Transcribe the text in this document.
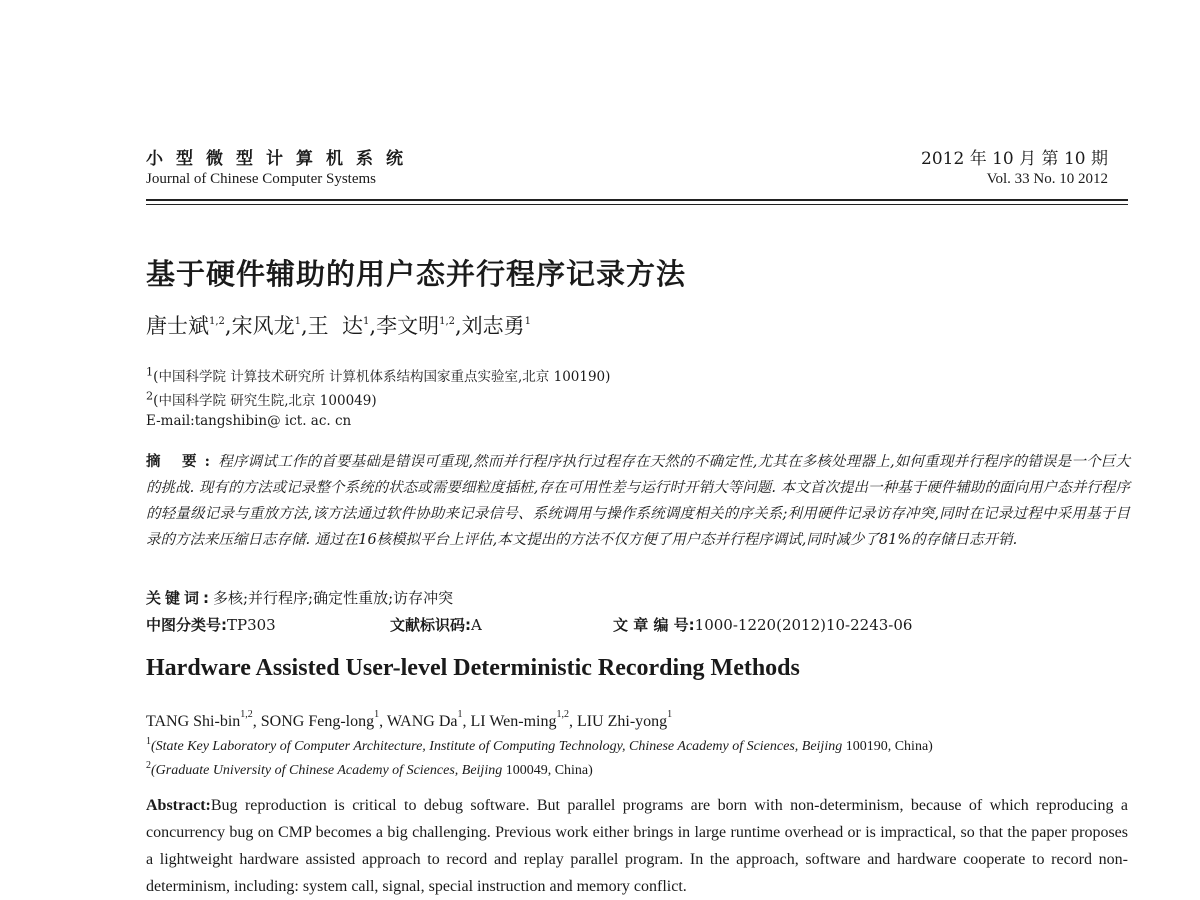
小型微型计算机系统
Journal of Chinese Computer Systems
2012 年 10 月 第 10 期
Vol. 33 No. 10 2012
基于硬件辅助的用户态并行程序记录方法
唐士斌$^{1,2}$,宋风龙$^1$,王  达$^1$,李文明$^{1,2}$,刘志勇$^1$
$^1$(中国科学院 计算技术研究所 计算机体系结构国家重点实验室,北京 100190)
$^2$(中国科学院 研究生院,北京 100049)
E-mail:tangshibin@ ict. ac. cn
摘 要:程序调试工作的首要基础是错误可重现,然而并行程序执行过程存在天然的不确定性,尤其在多核处理器上,如何重现并行程序的错误是一个巨大的挑战. 现有的方法或记录整个系统的状态或需要细粒度插桩,存在可用性差与运行时开销大等问题. 本文首次提出一种基于硬件辅助的面向用户态并行程序的轻量级记录与重放方法,该方法通过软件协助来记录信号、系统调用与操作系统调度相关的序关系;利用硬件记录访存冲突,同时在记录过程中采用基于目录的方法来压缩日志存储. 通过在16核模拟平台上评估,本文提出的方法不仅方便了用户态并行程序调试,同时减少了81%的存储日志开销.
关键词:多核;并行程序;确定性重放;访存冲突
中图分类号:TP303	文献标识码:A	文 章 编 号:1000-1220(2012)10-2243-06
Hardware Assisted User-level Deterministic Recording Methods
TANG Shi-bin$^{1,2}$, SONG Feng-long$^1$, WANG Da$^1$, LI Wen-ming$^{1,2}$, LIU Zhi-yong$^1$
$^1$(State Key Laboratory of Computer Architecture, Institute of Computing Technology, Chinese Academy of Sciences, Beijing 100190, China)
$^2$(Graduate University of Chinese Academy of Sciences, Beijing 100049, China)
Abstract:Bug reproduction is critical to debug software. But parallel programs are born with non-determinism, because of which reproducing a concurrency bug on CMP becomes a big challenging. Previous work either brings in large runtime overhead or is impractical, so that the paper proposes a lightweight hardware assisted approach to record and replay parallel program. In the approach, software and hardware cooperate to record non-determinism, including: system call, signal, special instruction and memory conflict.
